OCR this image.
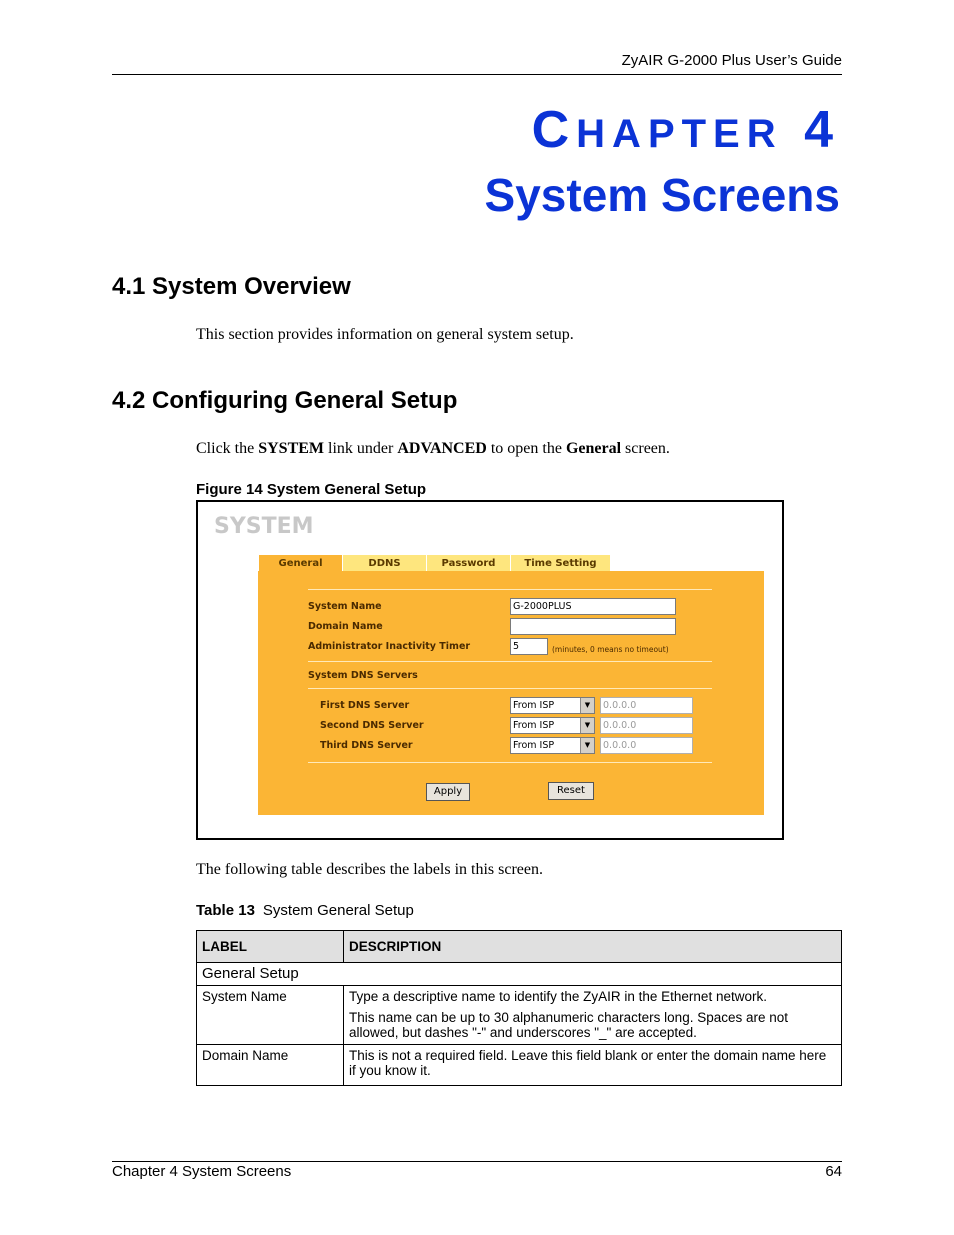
ZyAIR G-2000 Plus User’s Guide
CHAPTER 4
System Screens
4.1 System Overview
This section provides information on general system setup.
4.2 Configuring General Setup
Click the SYSTEM link under ADVANCED to open the General screen.
Figure 14 System General Setup
SYSTEM
General	DDNS	Password	Time Setting
System Name	G-2000PLUS
Domain Name
Administrator Inactivity Timer	5	(minutes, 0 means no timeout)
System DNS Servers
First DNS Server	From ISP	▼	0.0.0.0
Second DNS Server	From ISP	▼	0.0.0.0
Third DNS Server	From ISP	▼	0.0.0.0
Apply	Reset
The following table describes the labels in this screen.
Table 13 System General Setup
LABEL	DESCRIPTION
General Setup	
System Name	Type a descriptive name to identify the ZyAIR in the Ethernet network.

This name can be up to 30 alphanumeric characters long. Spaces are not allowed, but dashes "-" and underscores "_" are accepted.

Domain Name	This is not a required field. Leave this field blank or enter the domain name here if you know it.

Chapter 4 System Screens	64
